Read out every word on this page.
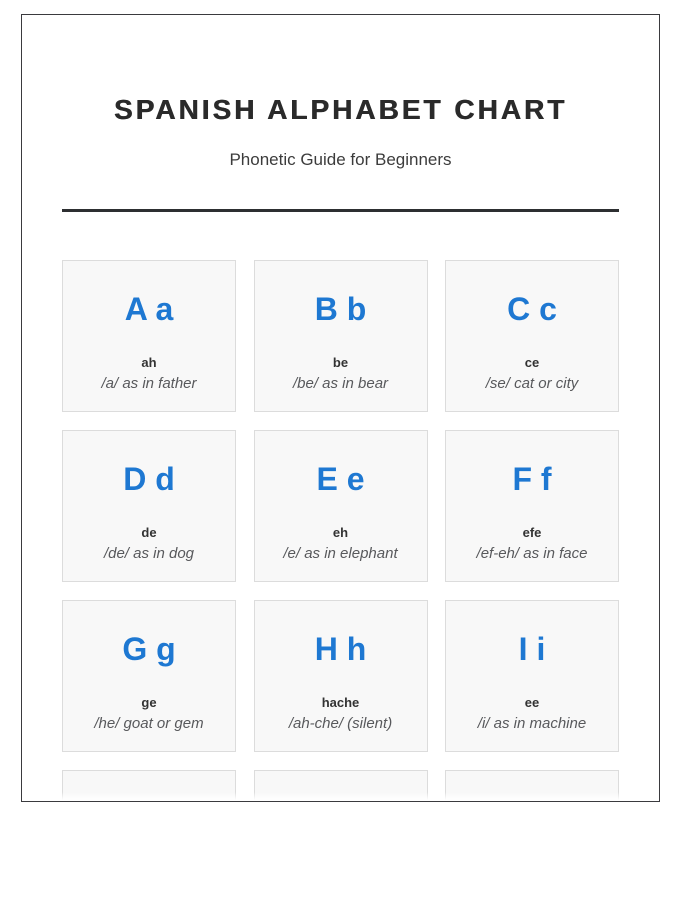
SPANISH ALPHABET CHART

Phonetic Guide for Beginners

A a
ah
/a/ as in father
B b
be
/be/ as in bear
C c
ce
/se/ cat or city
D d
de
/de/ as in dog
E e
eh
/e/ as in elephant
F f
efe
/ef-eh/ as in face
G g
ge
/he/ goat or gem
H h
hache
/ah-che/ (silent)
I i
ee
/i/ as in machine
